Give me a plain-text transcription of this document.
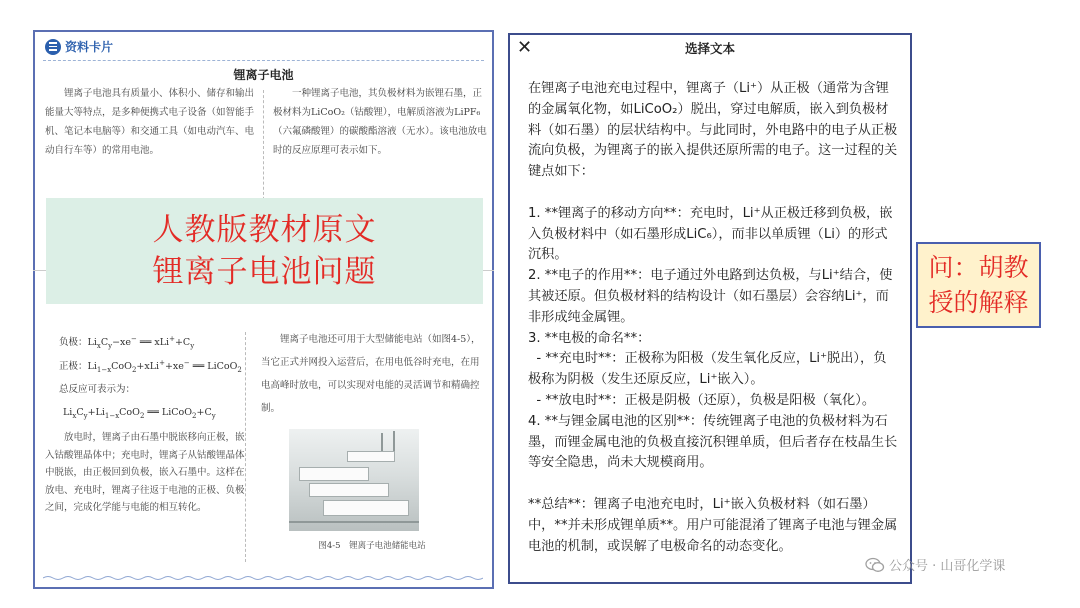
资料卡片
锂离子电池
锂离子电池具有质量小、体积小、储存和输出能量大等特点，是多种便携式电子设备（如智能手机、笔记本电脑等）和交通工具（如电动汽车、电动自行车等）的常用电池。
一种锂离子电池，其负极材料为嵌锂石墨，正极材料为LiCoO₂（钴酸锂），电解质溶液为LiPF₆（六氟磷酸锂）的碳酸酯溶液（无水）。该电池放电时的反应原理可表示如下。
人教版教材原文
锂离子电池问题
负极：$Li_xC_y-xe^-$ ══ $xLi^++C_y$
正极：$Li_{1-x}CoO_2+xLi^++xe^-$ ══ LiCoO$_2$
总反应可表示为：
$Li_xC_y+Li_{1-x}CoO_2$ ══ $LiCoO_2+C_y$
放电时，锂离子由石墨中脱嵌移向正极，嵌入钴酸锂晶体中；充电时，锂离子从钴酸锂晶体中脱嵌，由正极回到负极，嵌入石墨中。这样在放电、充电时，锂离子往返于电池的正极、负极之间，完成化学能与电能的相互转化。
锂离子电池还可用于大型储能电站（如图4-5），当它正式并网投入运营后，在用电低谷时充电，在用电高峰时放电，可以实现对电能的灵活调节和精确控制。
图4-5　锂离子电池储能电站
✕	选择文本
在锂离子电池充电过程中，锂离子（Li⁺）从正极（通常为含锂的金属氧化物，如LiCoO₂）脱出，穿过电解质，嵌入到负极材料（如石墨）的层状结构中。与此同时，外电路中的电子从正极流向负极，为锂离子的嵌入提供还原所需的电子。这一过程的关键点如下：

1. **锂离子的移动方向**：充电时，Li⁺从正极迁移到负极，嵌入负极材料中（如石墨形成LiC₆），而非以单质锂（Li）的形式沉积。
2. **电子的作用**：电子通过外电路到达负极，与Li⁺结合，使其被还原。但负极材料的结构设计（如石墨层）会容纳Li⁺，而非形成纯金属锂。
3. **电极的命名**：
- **充电时**：正极称为阳极（发生氧化反应，Li⁺脱出），负极称为阴极（发生还原反应，Li⁺嵌入）。
- **放电时**：正极是阴极（还原），负极是阳极（氧化）。
4. **与锂金属电池的区别**：传统锂离子电池的负极材料为石墨，而锂金属电池的负极直接沉积锂单质，但后者存在枝晶生长等安全隐患，尚未大规模商用。

**总结**：锂离子电池充电时，Li⁺嵌入负极材料（如石墨）中，**并未形成锂单质**。用户可能混淆了锂离子电池与锂金属电池的机制，或误解了电极命名的动态变化。
问：胡教
授的解释
公众号 · 山哥化学课
